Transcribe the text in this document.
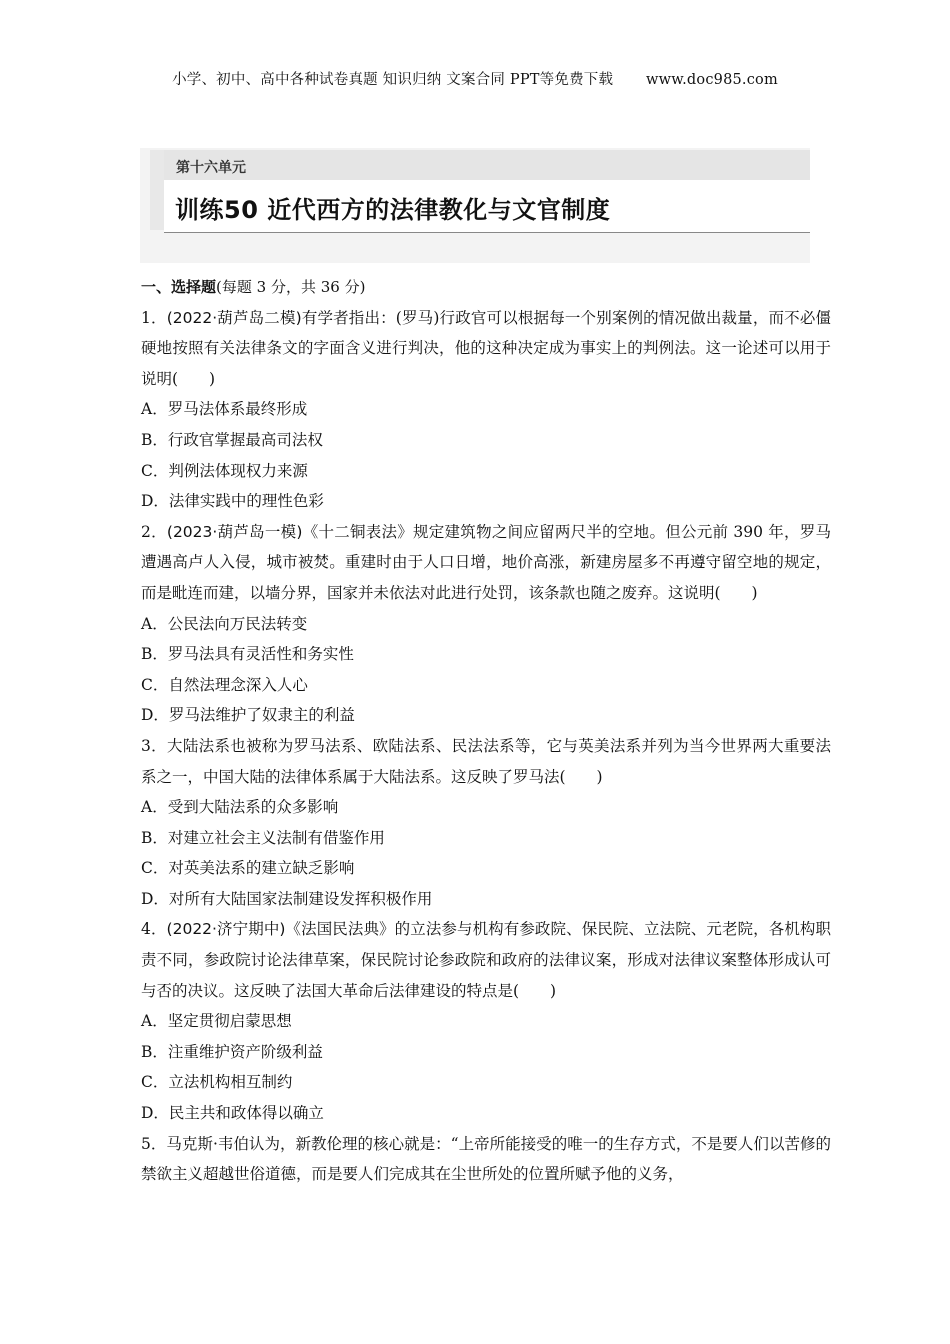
小学、初中、高中各种试卷真题 知识归纳 文案合同 PPT等免费下载 www.doc985.com
第十六单元
训练50 近代西方的法律教化与文官制度

一、选择题(每题 3 分，共 36 分)

1．(2022·葫芦岛二模)有学者指出：(罗马)行政官可以根据每一个别案例的情况做出裁量，而不必僵硬地按照有关法律条文的字面含义进行判决，他的这种决定成为事实上的判例法。这一论述可以用于说明(　　)

A．罗马法体系最终形成

B．行政官掌握最高司法权

C．判例法体现权力来源

D．法律实践中的理性色彩

2．(2023·葫芦岛一模)《十二铜表法》规定建筑物之间应留两尺半的空地。但公元前 390 年，罗马遭遇高卢人入侵，城市被焚。重建时由于人口日增，地价高涨，新建房屋多不再遵守留空地的规定，而是毗连而建，以墙分界，国家并未依法对此进行处罚，该条款也随之废弃。这说明(　　)

A．公民法向万民法转变

B．罗马法具有灵活性和务实性

C．自然法理念深入人心

D．罗马法维护了奴隶主的利益

3．大陆法系也被称为罗马法系、欧陆法系、民法法系等，它与英美法系并列为当今世界两大重要法系之一，中国大陆的法律体系属于大陆法系。这反映了罗马法(　　)

A．受到大陆法系的众多影响

B．对建立社会主义法制有借鉴作用

C．对英美法系的建立缺乏影响

D．对所有大陆国家法制建设发挥积极作用

4．(2022·济宁期中)《法国民法典》的立法参与机构有参政院、保民院、立法院、元老院，各机构职责不同，参政院讨论法律草案，保民院讨论参政院和政府的法律议案，形成对法律议案整体形成认可与否的决议。这反映了法国大革命后法律建设的特点是(　　)

A．坚定贯彻启蒙思想

B．注重维护资产阶级利益

C．立法机构相互制约

D．民主共和政体得以确立

5．马克斯·韦伯认为，新教伦理的核心就是：“上帝所能接受的唯一的生存方式，不是要人们以苦修的禁欲主义超越世俗道德，而是要人们完成其在尘世所处的位置所赋予他的义务，
